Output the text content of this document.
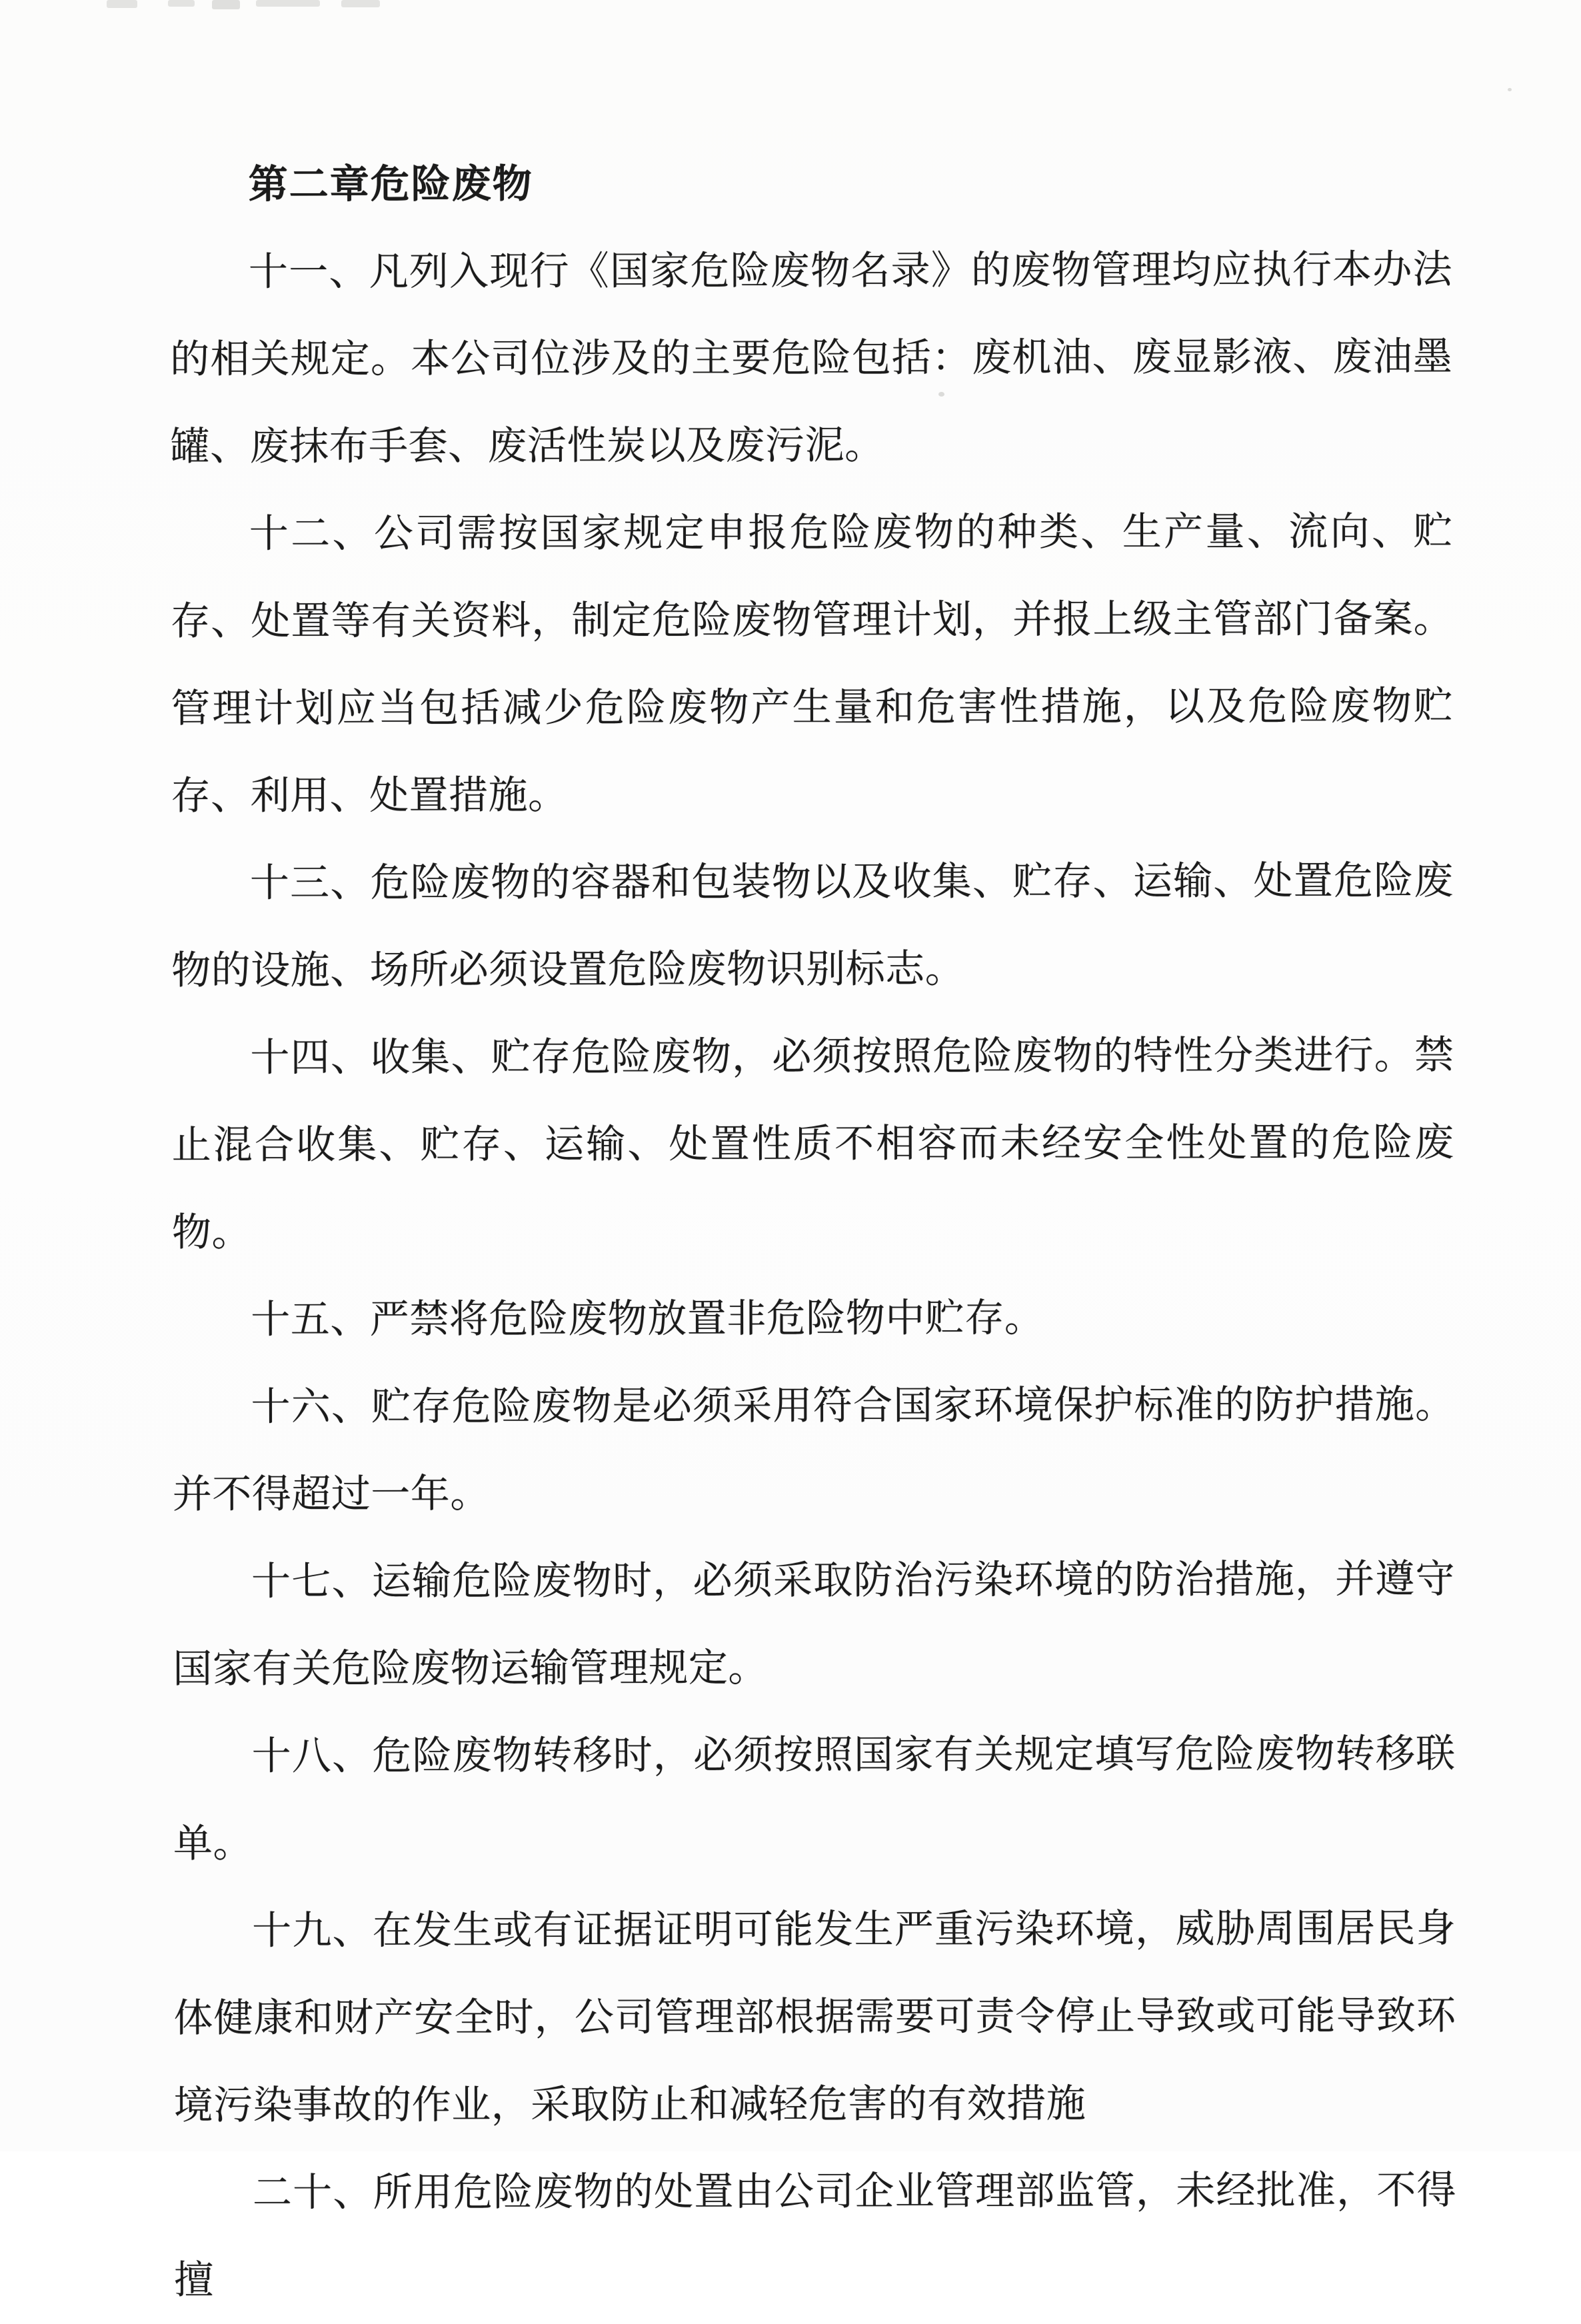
第二章危险废物

十一、凡列入现行《国家危险废物名录》的废物管理均应执行本办法的相关规定。本公司位涉及的主要危险包括：废机油、废显影液、废油墨罐、废抹布手套、废活性炭以及废污泥。

十二、公司需按国家规定申报危险废物的种类、生产量、流向、贮存、处置等有关资料，制定危险废物管理计划，并报上级主管部门备案。管理计划应当包括减少危险废物产生量和危害性措施，以及危险废物贮存、利用、处置措施。

十三、危险废物的容器和包装物以及收集、贮存、运输、处置危险废物的设施、场所必须设置危险废物识别标志。

十四、收集、贮存危险废物，必须按照危险废物的特性分类进行。禁止混合收集、贮存、运输、处置性质不相容而未经安全性处置的危险废物。

十五、严禁将危险废物放置非危险物中贮存。

十六、贮存危险废物是必须采用符合国家环境保护标准的防护措施。并不得超过一年。

十七、运输危险废物时，必须采取防治污染环境的防治措施，并遵守国家有关危险废物运输管理规定。

十八、危险废物转移时，必须按照国家有关规定填写危险废物转移联单。

十九、在发生或有证据证明可能发生严重污染环境，威胁周围居民身体健康和财产安全时，公司管理部根据需要可责令停止导致或可能导致环境污染事故的作业，采取防止和减轻危害的有效措施

二十、所用危险废物的处置由公司企业管理部监管，未经批准，不得擅
